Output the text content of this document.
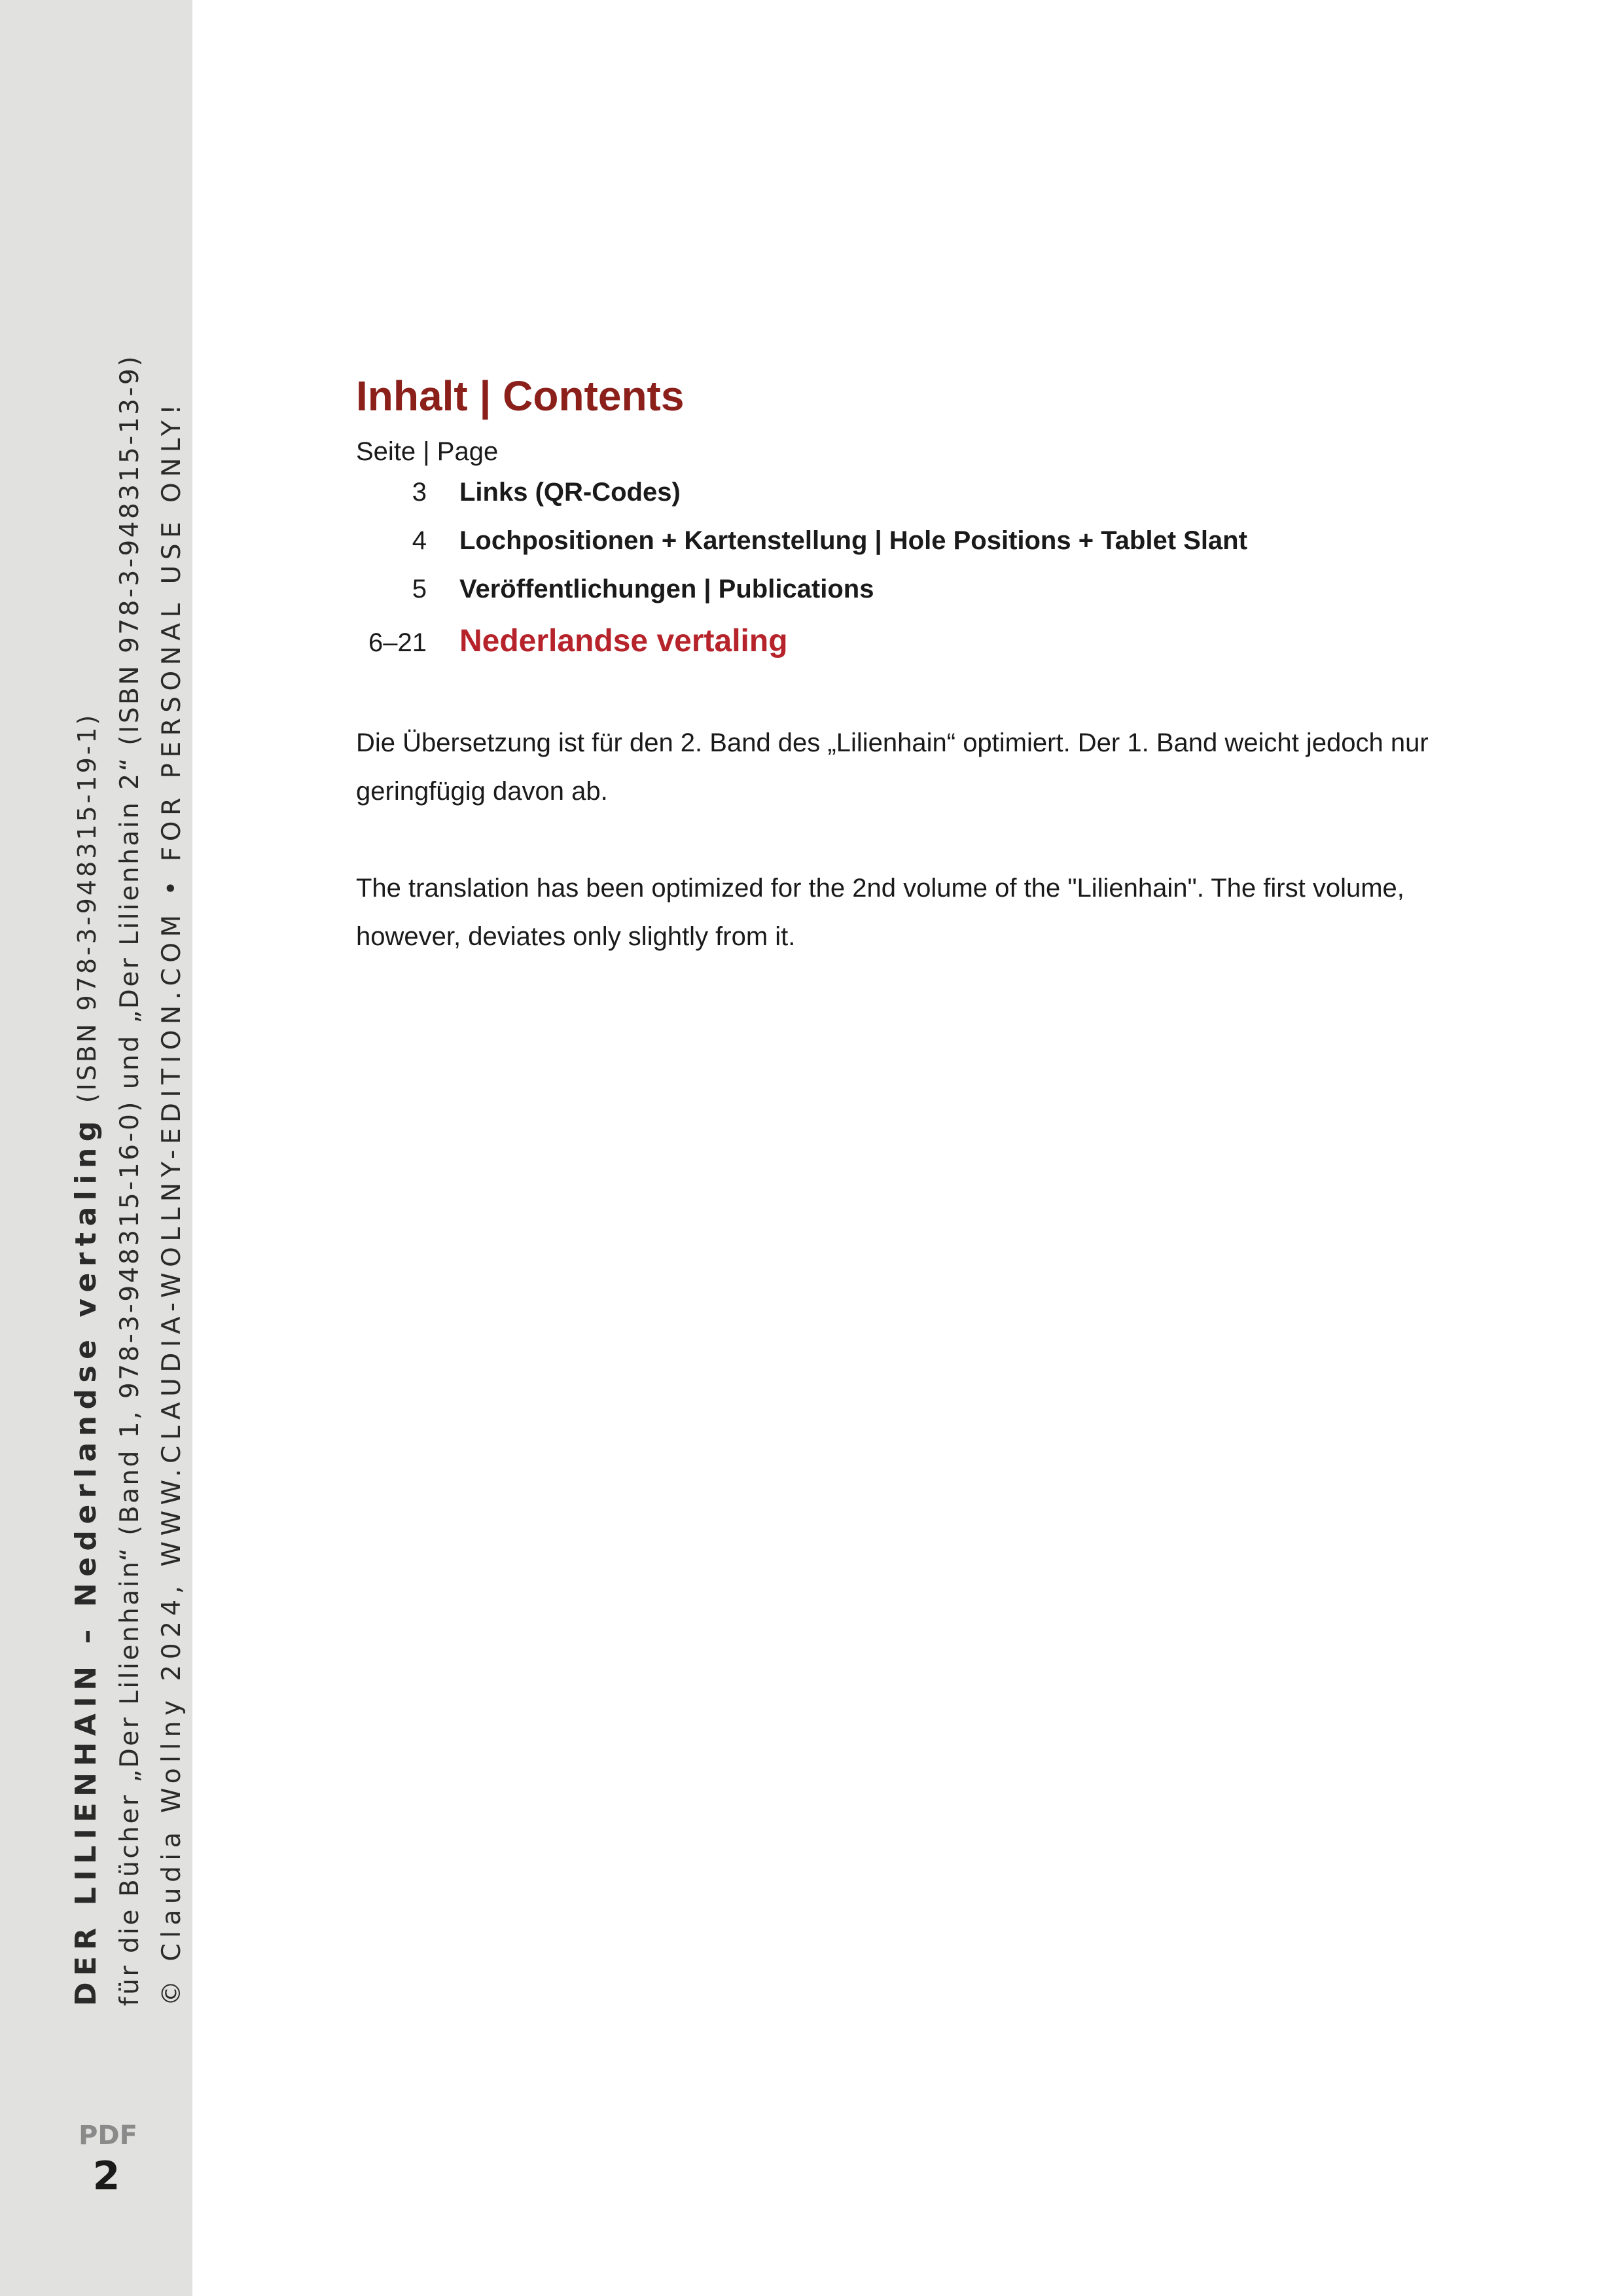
DER LILIENHAIN – Nederlandse vertaling(ISBN 978-3-948315-19-1) für die Bücher „Der Lilienhain“ (Band 1, 978-3-948315-16-0) und „Der Lilienhain 2“ (ISBN 978-3-948315-13-9) © Claudia Wollny 2024, WWW.CLAUDIA-WOLLNY-EDITION.COM • FOR PERSONAL USE ONLY!
PDF
2
Inhalt | Contents
Seite | Page
3 Links (QR-Codes)
4 Lochpositionen + Kartenstellung | Hole Positions + Tablet Slant
5 Veröffentlichungen | Publications
6–21 Nederlandse vertaling

Die Übersetzung ist für den 2. Band des „Lilienhain“ optimiert. Der 1. Band weicht jedoch nur geringfügig davon ab.

The translation has been optimized for the 2nd volume of the "Lilienhain". The first volume, however, deviates only slightly from it.
